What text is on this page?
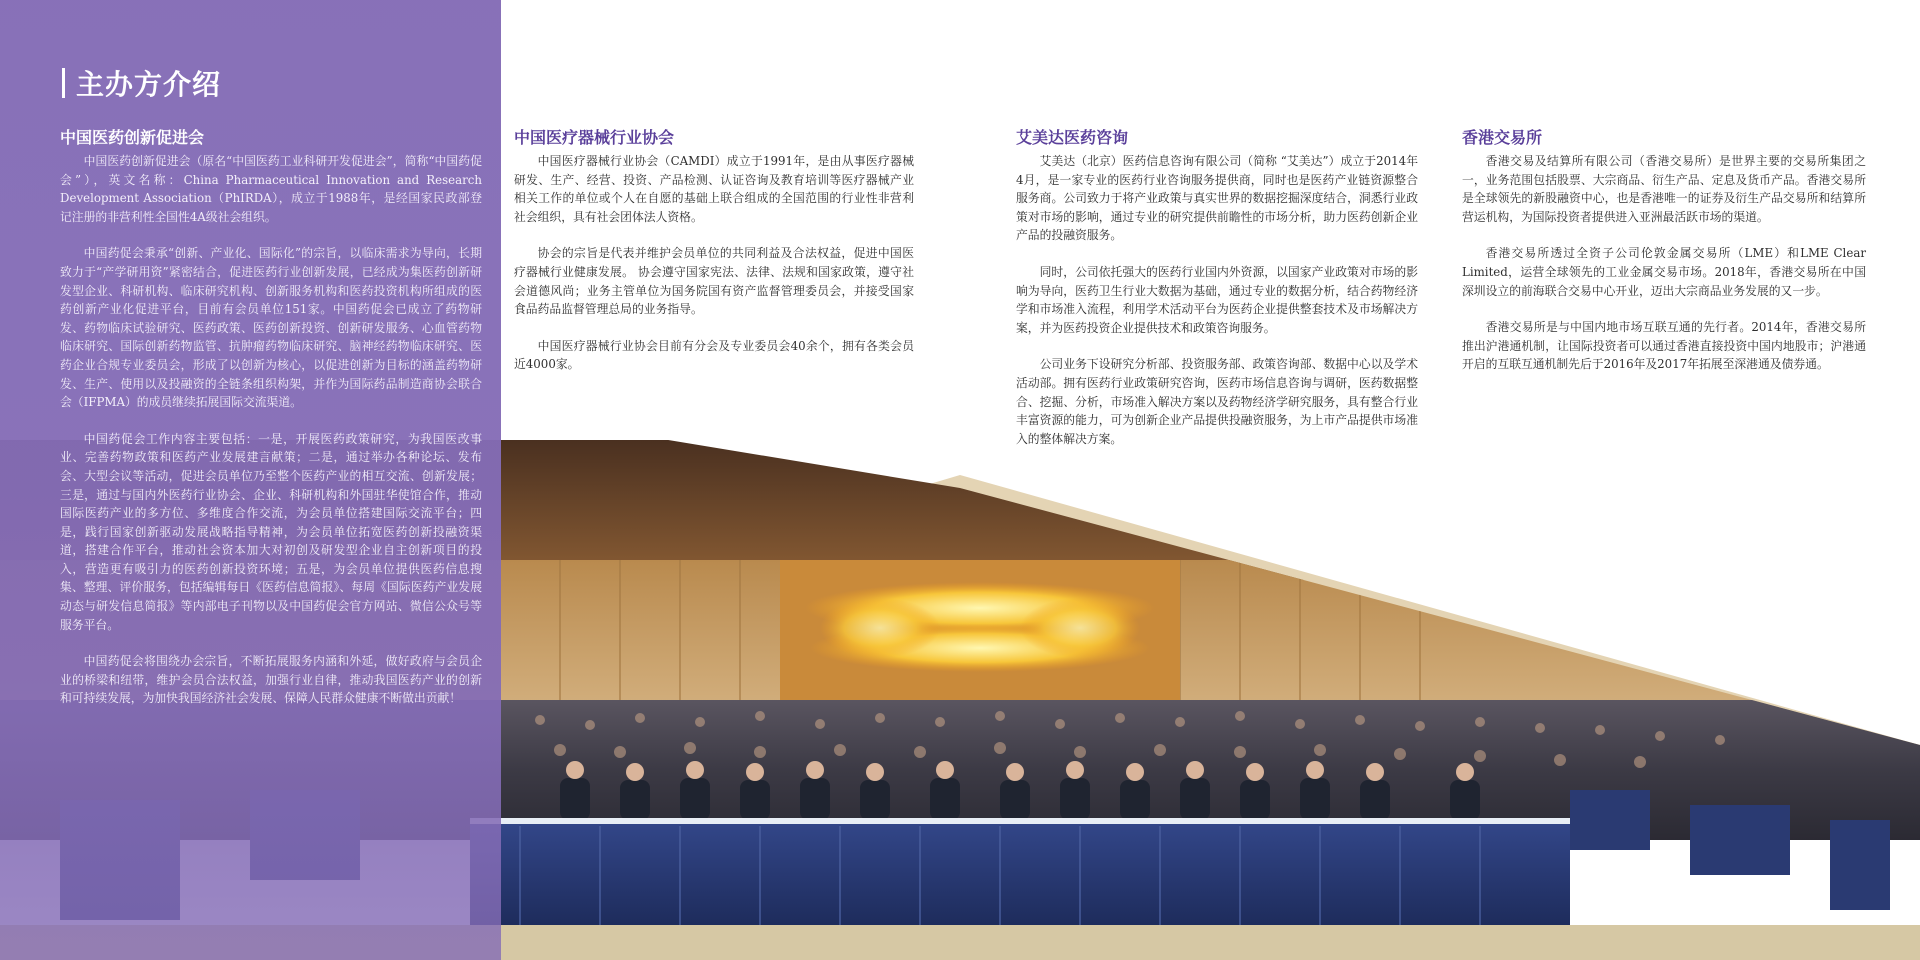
主办方介绍
中国医药创新促进会

中国医药创新促进会（原名“中国医药工业科研开发促进会”，简称“中国药促会”），英文名称：China Pharmaceutical Innovation and Research Development Association（PhIRDA），成立于1988年，是经国家民政部登记注册的非营利性全国性4A级社会组织。

中国药促会秉承“创新、产业化、国际化”的宗旨，以临床需求为导向，长期致力于“产学研用资”紧密结合，促进医药行业创新发展，已经成为集医药创新研发型企业、科研机构、临床研究机构、创新服务机构和医药投资机构所组成的医药创新产业化促进平台，目前有会员单位151家。中国药促会已成立了药物研发、药物临床试验研究、医药政策、医药创新投资、创新研发服务、心血管药物临床研究、国际创新药物监管、抗肿瘤药物临床研究、脑神经药物临床研究、医药企业合规专业委员会，形成了以创新为核心，以促进创新为目标的涵盖药物研发、生产、使用以及投融资的全链条组织构架，并作为国际药品制造商协会联合会（IFPMA）的成员继续拓展国际交流渠道。

中国药促会工作内容主要包括：一是，开展医药政策研究，为我国医改事业、完善药物政策和医药产业发展建言献策；二是，通过举办各种论坛、发布会、大型会议等活动，促进会员单位乃至整个医药产业的相互交流、创新发展；三是，通过与国内外医药行业协会、企业、科研机构和外国驻华使馆合作，推动国际医药产业的多方位、多维度合作交流，为会员单位搭建国际交流平台；四是，践行国家创新驱动发展战略指导精神，为会员单位拓宽医药创新投融资渠道，搭建合作平台，推动社会资本加大对初创及研发型企业自主创新项目的投入，营造更有吸引力的医药创新投资环境；五是，为会员单位提供医药信息搜集、整理、评价服务，包括编辑每日《医药信息简报》、每周《国际医药产业发展动态与研发信息简报》等内部电子刊物以及中国药促会官方网站、微信公众号等服务平台。

中国药促会将围绕办会宗旨，不断拓展服务内涵和外延，做好政府与会员企业的桥梁和纽带，维护会员合法权益，加强行业自律，推动我国医药产业的创新和可持续发展，为加快我国经济社会发展、保障人民群众健康不断做出贡献！

中国医疗器械行业协会

中国医疗器械行业协会（CAMDI）成立于1991年，是由从事医疗器械研发、生产、经营、投资、产品检测、认证咨询及教育培训等医疗器械产业相关工作的单位或个人在自愿的基础上联合组成的全国范围的行业性非营利社会组织，具有社会团体法人资格。

协会的宗旨是代表并维护会员单位的共同利益及合法权益，促进中国医疗器械行业健康发展。 协会遵守国家宪法、法律、法规和国家政策，遵守社会道德风尚；业务主管单位为国务院国有资产监督管理委员会，并接受国家食品药品监督管理总局的业务指导。

中国医疗器械行业协会目前有分会及专业委员会40余个，拥有各类会员近4000家。

艾美达医药咨询

艾美达（北京）医药信息咨询有限公司（简称 “艾美达”）成立于2014年4月，是一家专业的医药行业咨询服务提供商，同时也是医药产业链资源整合服务商。公司致力于将产业政策与真实世界的数据挖掘深度结合，洞悉行业政策对市场的影响，通过专业的研究提供前瞻性的市场分析，助力医药创新企业产品的投融资服务。

同时，公司依托强大的医药行业国内外资源，以国家产业政策对市场的影响为导向，医药卫生行业大数据为基础，通过专业的数据分析，结合药物经济学和市场准入流程，利用学术活动平台为医药企业提供整套技术及市场解决方案，并为医药投资企业提供技术和政策咨询服务。

公司业务下设研究分析部、投资服务部、政策咨询部、数据中心以及学术活动部。拥有医药行业政策研究咨询，医药市场信息咨询与调研，医药数据整合、挖掘、分析，市场准入解决方案以及药物经济学研究服务，具有整合行业丰富资源的能力，可为创新企业产品提供投融资服务，为上市产品提供市场准入的整体解决方案。

香港交易所

香港交易及结算所有限公司（香港交易所）是世界主要的交易所集团之一，业务范围包括股票、大宗商品、衍生产品、定息及货币产品。香港交易所是全球领先的新股融资中心，也是香港唯一的证券及衍生产品交易所和结算所营运机构，为国际投资者提供进入亚洲最活跃市场的渠道。

香港交易所透过全资子公司伦敦金属交易所（LME）和LME Clear Limited，运营全球领先的工业金属交易市场。2018年，香港交易所在中国深圳设立的前海联合交易中心开业，迈出大宗商品业务发展的又一步。

香港交易所是与中国内地市场互联互通的先行者。2014年，香港交易所推出沪港通机制，让国际投资者可以通过香港直接投资中国内地股市；沪港通开启的互联互通机制先后于2016年及2017年拓展至深港通及债券通。
